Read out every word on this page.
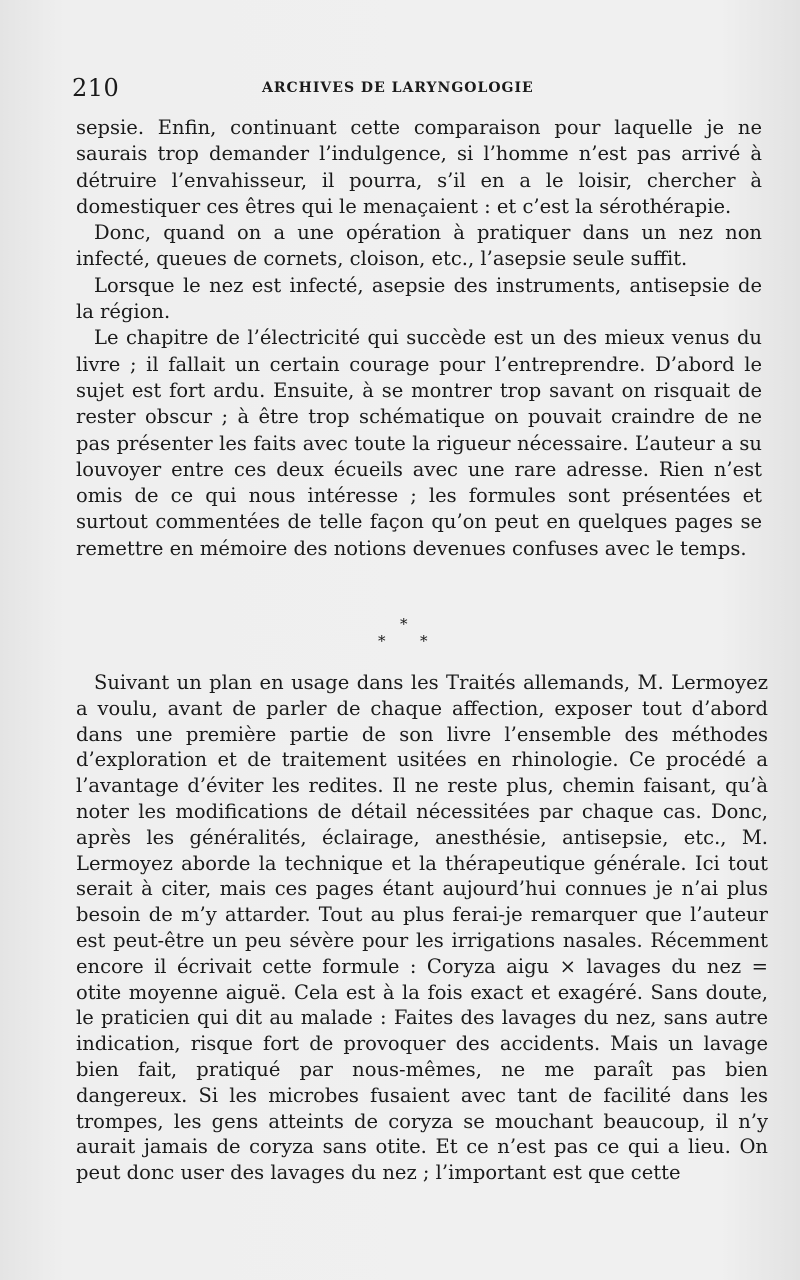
210	ARCHIVES DE LARYNGOLOGIE

sepsie. Enfin, continuant cette comparaison pour laquelle je ne saurais trop demander l’indulgence, si l’homme n’est pas arrivé à détruire l’envahisseur, il pourra, s’il en a le loisir, chercher à domestiquer ces êtres qui le menaçaient : et c’est la sérothérapie.

Donc, quand on a une opération à pratiquer dans un nez non infecté, queues de cornets, cloison, etc., l’asepsie seule suffit.

Lorsque le nez est infecté, asepsie des instruments, antisepsie de la région.

Le chapitre de l’électricité qui succède est un des mieux venus du livre ; il fallait un certain courage pour l’entreprendre. D’abord le sujet est fort ardu. Ensuite, à se montrer trop savant on risquait de rester obscur ; à être trop schématique on pouvait craindre de ne pas présenter les faits avec toute la rigueur nécessaire. L’auteur a su louvoyer entre ces deux écueils avec une rare adresse. Rien n’est omis de ce qui nous intéresse ; les formules sont présentées et surtout commentées de telle façon qu’on peut en quelques pages se remettre en mémoire des notions devenues confuses avec le temps.

*
* *

Suivant un plan en usage dans les Traités allemands, M. Lermoyez a voulu, avant de parler de chaque affection, exposer tout d’abord dans une première partie de son livre l’ensemble des méthodes d’exploration et de traitement usitées en rhinologie. Ce procédé a l’avantage d’éviter les redites. Il ne reste plus, chemin faisant, qu’à noter les modifications de détail nécessitées par chaque cas. Donc, après les généralités, éclairage, anesthésie, antisepsie, etc., M. Lermoyez aborde la technique et la thérapeutique générale. Ici tout serait à citer, mais ces pages étant aujourd’hui connues je n’ai plus besoin de m’y attarder. Tout au plus ferai-je remarquer que l’auteur est peut-être un peu sévère pour les irrigations nasales. Récemment encore il écrivait cette formule : Coryza aigu × lavages du nez = otite moyenne aiguë. Cela est à la fois exact et exagéré. Sans doute, le praticien qui dit au malade : Faites des lavages du nez, sans autre indication, risque fort de provoquer des accidents. Mais un lavage bien fait, pratiqué par nous-mêmes, ne me paraît pas bien dangereux. Si les microbes fusaient avec tant de facilité dans les trompes, les gens atteints de coryza se mouchant beaucoup, il n’y aurait jamais de coryza sans otite. Et ce n’est pas ce qui a lieu. On peut donc user des lavages du nez ; l’important est que cette
